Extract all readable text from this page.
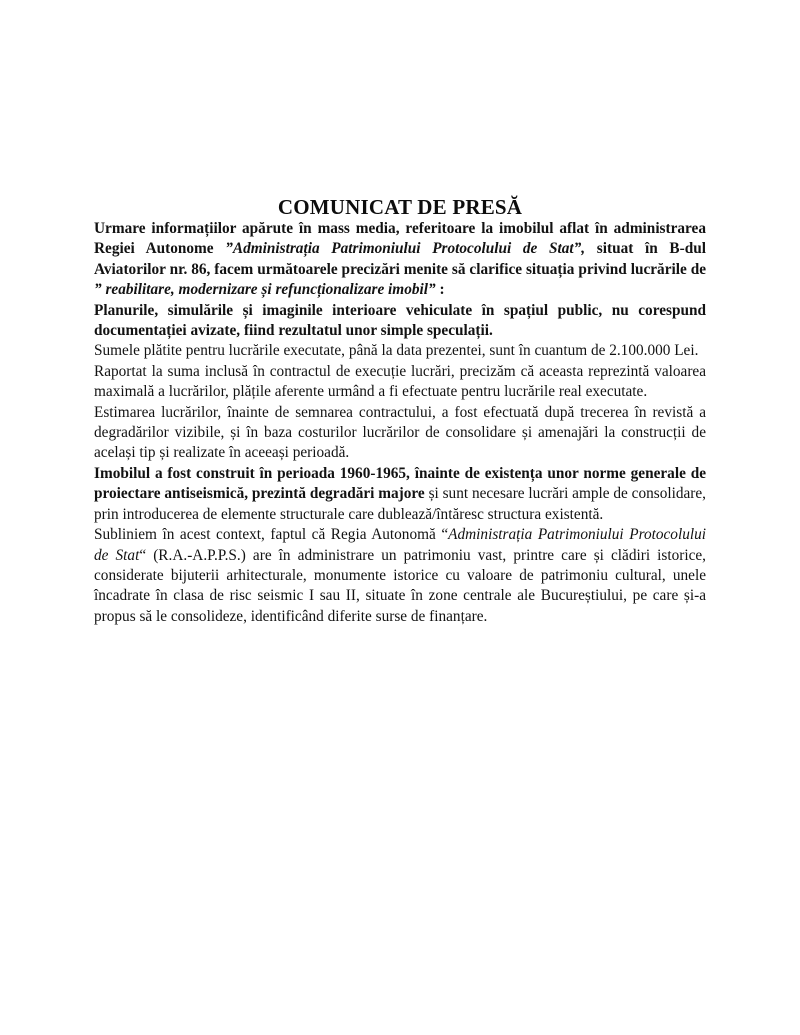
COMUNICAT DE PRESĂ

Urmare informațiilor apărute în mass media, referitoare la imobilul aflat în administrarea Regiei Autonome ”Administrația Patrimoniului Protocolului de Stat”, situat în B-dul Aviatorilor nr. 86, facem următoarele precizări menite să clarifice situația privind lucrările de ” reabilitare, modernizare și refuncționalizare imobil” :

Planurile, simulările și imaginile interioare vehiculate în spațiul public, nu corespund documentației avizate, fiind rezultatul unor simple speculații.

Sumele plătite pentru lucrările executate, până la data prezentei, sunt în cuantum de 2.100.000 Lei.

Raportat la suma inclusă în contractul de execuție lucrări, precizăm că aceasta reprezintă valoarea maximală a lucrărilor, plățile aferente urmând a fi efectuate pentru lucrările real executate.

Estimarea lucrărilor, înainte de semnarea contractului, a fost efectuată după trecerea în revistă a degradărilor vizibile, și în baza costurilor lucrărilor de consolidare și amenajări la construcții de același tip și realizate în aceeași perioadă.

Imobilul a fost construit în perioada 1960-1965, înainte de existența unor norme generale de proiectare antiseismică, prezintă degradări majore și sunt necesare lucrări ample de consolidare, prin introducerea de elemente structurale care dublează/întăresc structura existentă.

Subliniem în acest context, faptul că Regia Autonomă “Administrația Patrimoniului Protocolului de Stat“ (R.A.-A.P.P.S.) are în administrare un patrimoniu vast, printre care și clădiri istorice, considerate bijuterii arhitecturale, monumente istorice cu valoare de patrimoniu cultural, unele încadrate în clasa de risc seismic I sau II, situate în zone centrale ale Bucureștiului, pe care și-a propus să le consolideze, identificând diferite surse de finanțare.
